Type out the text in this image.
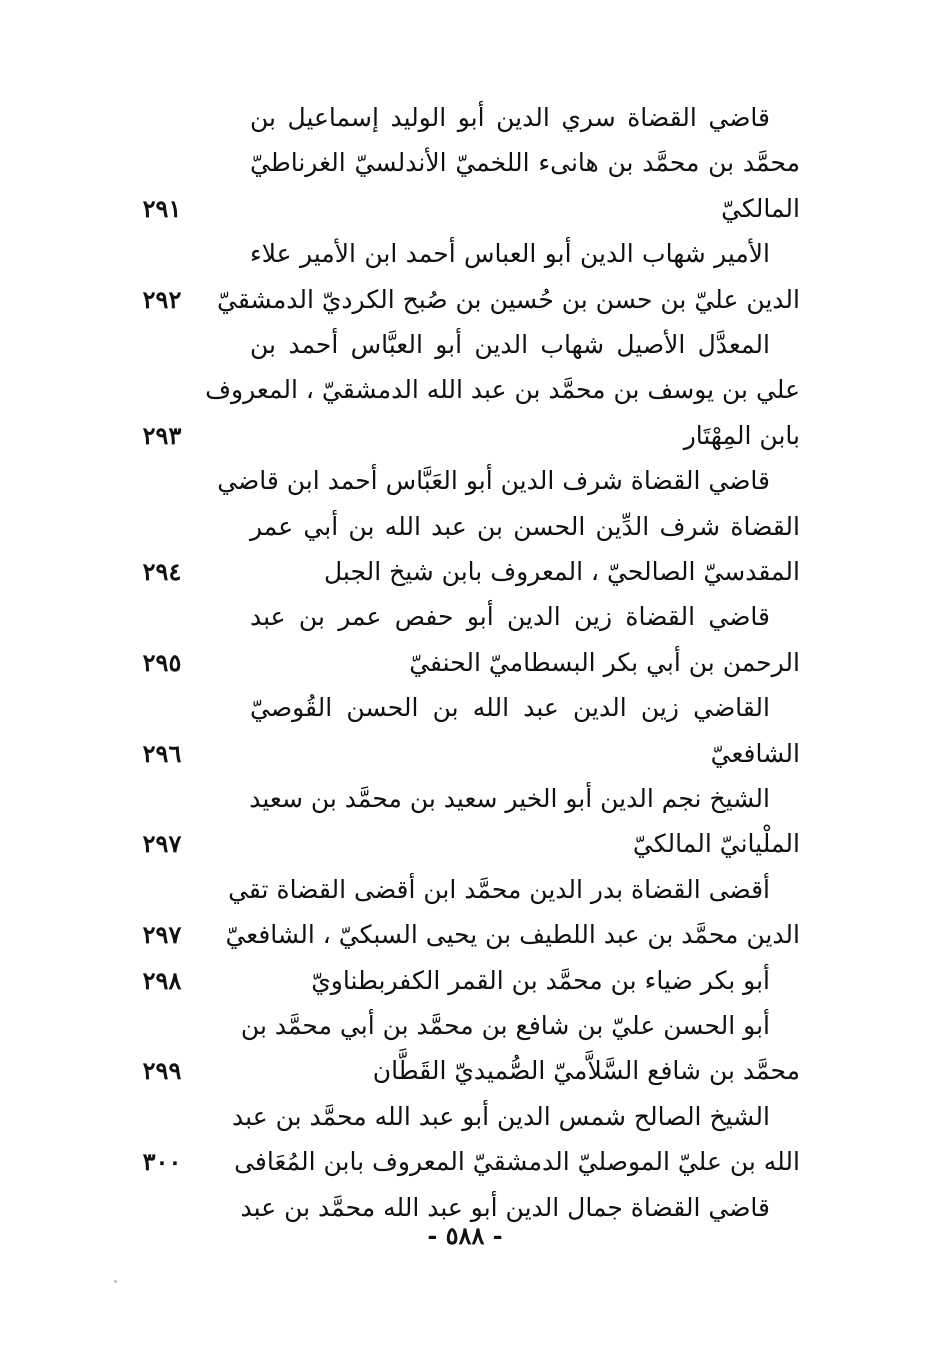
- ٥٨٨ -
قاضي القضاة سري الدين أبو الوليد إسماعيل بن
محمَّد بن محمَّد بن هانىء اللخميّ الأندلسيّ الغرناطيّ
المالكيّ
٢٩١
الأمير شهاب الدين أبو العباس أحمد ابن الأمير علاء
الدين عليّ بن حسن بن حُسين بن صُبح الكرديّ الدمشقيّ
٢٩٢
المعدَّل الأصيل شهاب الدين أبو العبَّاس أحمد بن
علي بن يوسف بن محمَّد بن عبد الله الدمشقيّ ، المعروف
بابن المِهْتَار
٢٩٣
قاضي القضاة شرف الدين أبو العَبَّاس أحمد ابن قاضي
القضاة شرف الدِّين الحسن بن عبد الله بن أبي عمر
المقدسيّ الصالحيّ ، المعروف بابن شيخ الجبل
٢٩٤
قاضي القضاة زين الدين أبو حفص عمر بن عبد
الرحمن بن أبي بكر البسطاميّ الحنفيّ
٢٩٥
القاضي زين الدين عبد الله بن الحسن القُوصيّ
الشافعيّ
٢٩٦
الشيخ نجم الدين أبو الخير سعيد بن محمَّد بن سعيد
الملْيانيّ المالكيّ
٢٩٧
أقضى القضاة بدر الدين محمَّد ابن أقضى القضاة تقي
الدين محمَّد بن عبد اللطيف بن يحيى السبكيّ ، الشافعيّ
٢٩٧
أبو بكر ضياء بن محمَّد بن القمر الكفربطناويّ
٢٩٨
أبو الحسن عليّ بن شافع بن محمَّد بن أبي محمَّد بن
محمَّد بن شافع السَّلاَّميّ الصُّميديّ القَطَّان
٢٩٩
الشيخ الصالح شمس الدين أبو عبد الله محمَّد بن عبد
الله بن عليّ الموصليّ الدمشقيّ المعروف بابن المُعَافى
٣٠٠
قاضي القضاة جمال الدين أبو عبد الله محمَّد بن عبد
